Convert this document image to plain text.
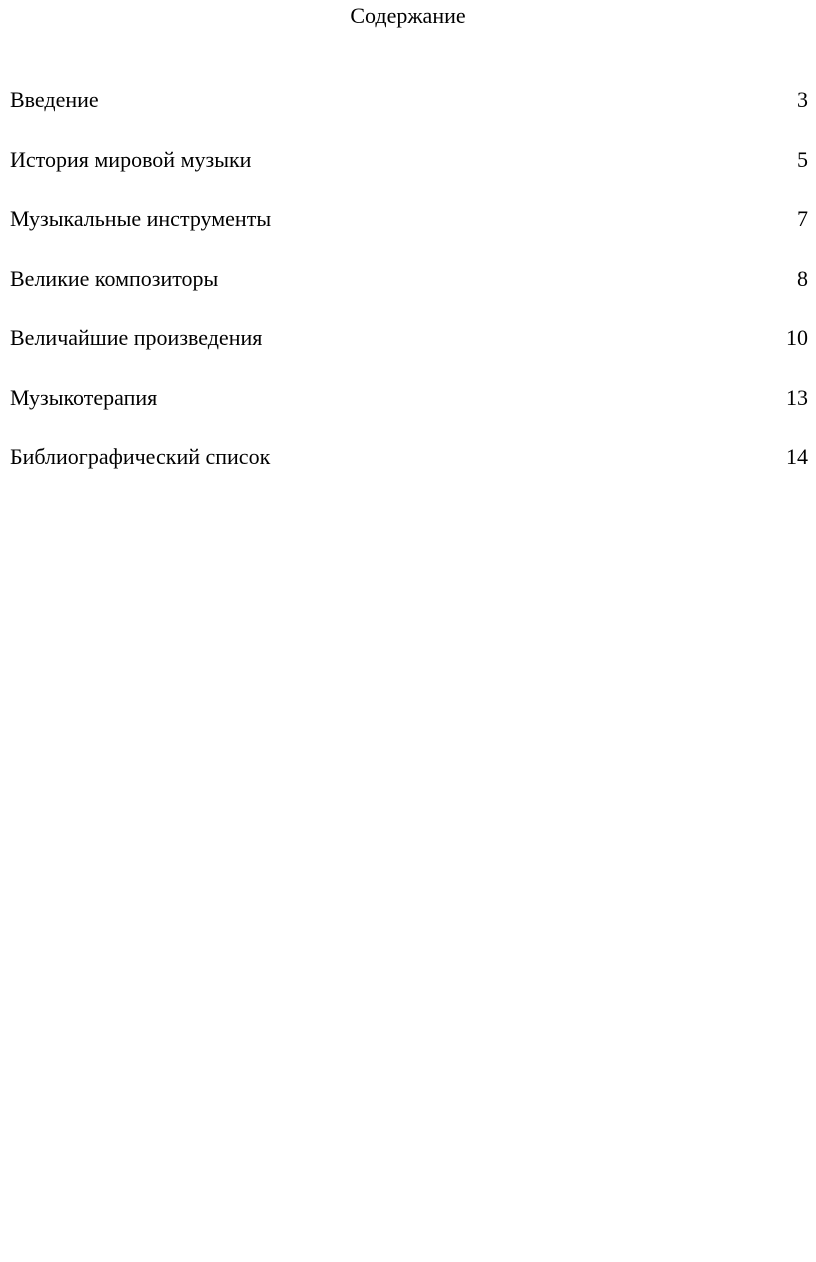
Содержание
Введение	3
История мировой музыки	5
Музыкальные инструменты	7
Великие композиторы	8
Величайшие произведения	10
Музыкотерапия	13
Библиографический список	14
